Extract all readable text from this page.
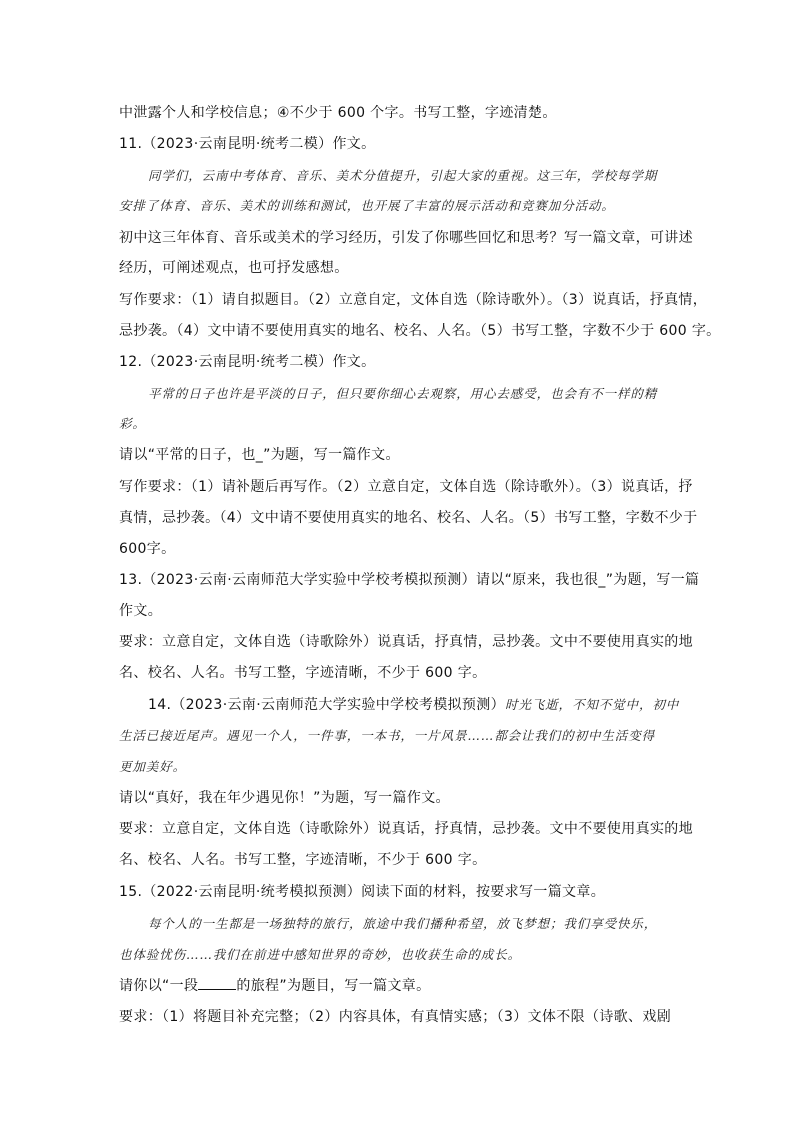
中泄露个人和学校信息；④不少于 600 个字。书写工整，字迹清楚。
11.（2023·云南昆明·统考二模）作文。
同学们，云南中考体育、音乐、美术分值提升，引起大家的重视。这三年，学校每学期
安排了体育、音乐、美术的训练和测试，也开展了丰富的展示活动和竞赛加分活动。
初中这三年体育、音乐或美术的学习经历，引发了你哪些回忆和思考？写一篇文章，可讲述
经历，可阐述观点，也可抒发感想。
写作要求：（1）请自拟题目。（2）立意自定，文体自选（除诗歌外）。（3）说真话，抒真情，
忌抄袭。（4）文中请不要使用真实的地名、校名、人名。（5）书写工整，字数不少于 600 字。
12.（2023·云南昆明·统考二模）作文。
平常的日子也许是平淡的日子，但只要你细心去观察，用心去感受，也会有不一样的精
彩。
请以“平常的日子，也_”为题，写一篇作文。
写作要求：（1）请补题后再写作。（2）立意自定，文体自选（除诗歌外）。（3）说真话，抒
真情，忌抄袭。（4）文中请不要使用真实的地名、校名、人名。（5）书写工整，字数不少于
600字。
13.（2023·云南·云南师范大学实验中学校考模拟预测）请以“原来，我也很_”为题，写一篇
作文。
要求：立意自定，文体自选（诗歌除外）说真话，抒真情，忌抄袭。文中不要使用真实的地
名、校名、人名。书写工整，字迹清晰，不少于 600 字。
14.（2023·云南·云南师范大学实验中学校考模拟预测）时光飞逝，不知不觉中，初中
生活已接近尾声。遇见一个人，一件事，一本书，一片风景……都会让我们的初中生活变得
更加美好。
请以“真好，我在年少遇见你！”为题，写一篇作文。
要求：立意自定，文体自选（诗歌除外）说真话，抒真情，忌抄袭。文中不要使用真实的地
名、校名、人名。书写工整，字迹清晰，不少于 600 字。
15.（2022·云南昆明·统考模拟预测）阅读下面的材料，按要求写一篇文章。
每个人的一生都是一场独特的旅行，旅途中我们播种希望，放飞梦想；我们享受快乐，
也体验忧伤……我们在前进中感知世界的奇妙，也收获生命的成长。
请你以“一段	的旅程”为题目，写一篇文章。
要求：（1）将题目补充完整；（2）内容具体，有真情实感；（3）文体不限（诗歌、戏剧
